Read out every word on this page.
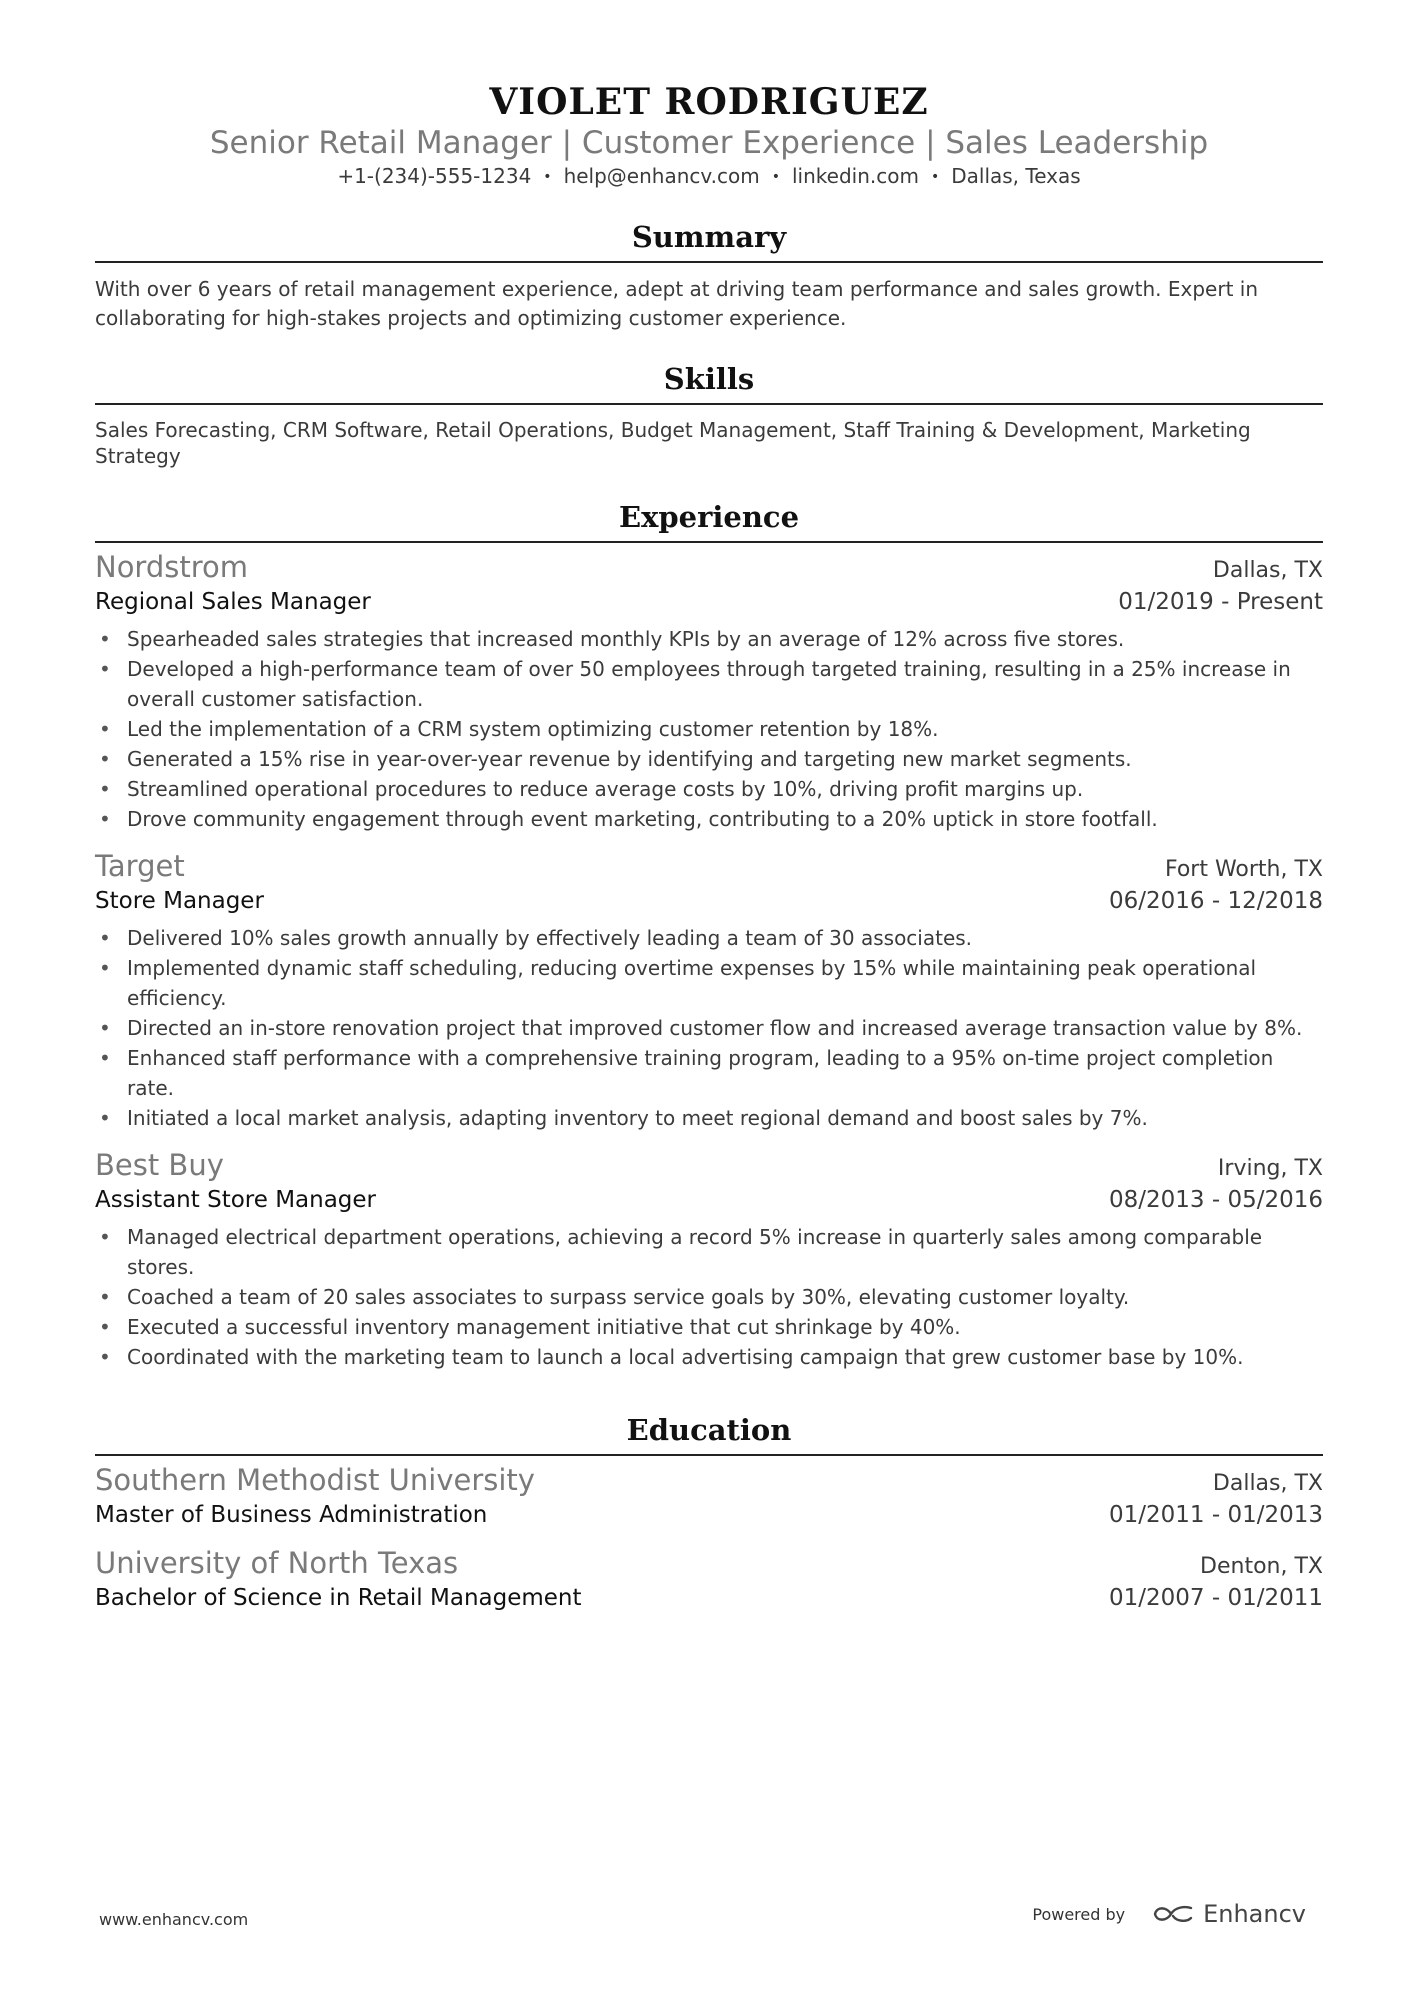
VIOLET RODRIGUEZ
Senior Retail Manager | Customer Experience | Sales Leadership
+1-(234)-555-1234 • help@enhancv.com • linkedin.com • Dallas, Texas
Summary
With over 6 years of retail management experience, adept at driving team performance and sales growth. Expert in collaborating for high-stakes projects and optimizing customer experience.
Skills
Sales Forecasting, CRM Software, Retail Operations, Budget Management, Staff Training & Development, Marketing Strategy
Experience
Nordstrom	Dallas, TX
Regional Sales Manager	01/2019 - Present
• Spearheaded sales strategies that increased monthly KPIs by an average of 12% across five stores.
• Developed a high-performance team of over 50 employees through targeted training, resulting in a 25% increase in overall customer satisfaction.
• Led the implementation of a CRM system optimizing customer retention by 18%.
• Generated a 15% rise in year-over-year revenue by identifying and targeting new market segments.
• Streamlined operational procedures to reduce average costs by 10%, driving profit margins up.
• Drove community engagement through event marketing, contributing to a 20% uptick in store footfall.
Target	Fort Worth, TX
Store Manager	06/2016 - 12/2018
• Delivered 10% sales growth annually by effectively leading a team of 30 associates.
• Implemented dynamic staff scheduling, reducing overtime expenses by 15% while maintaining peak operational efficiency.
• Directed an in-store renovation project that improved customer flow and increased average transaction value by 8%.
• Enhanced staff performance with a comprehensive training program, leading to a 95% on-time project completion rate.
• Initiated a local market analysis, adapting inventory to meet regional demand and boost sales by 7%.
Best Buy	Irving, TX
Assistant Store Manager	08/2013 - 05/2016
• Managed electrical department operations, achieving a record 5% increase in quarterly sales among comparable stores.
• Coached a team of 20 sales associates to surpass service goals by 30%, elevating customer loyalty.
• Executed a successful inventory management initiative that cut shrinkage by 40%.
• Coordinated with the marketing team to launch a local advertising campaign that grew customer base by 10%.
Education
Southern Methodist University	Dallas, TX
Master of Business Administration	01/2011 - 01/2013
University of North Texas	Denton, TX
Bachelor of Science in Retail Management	01/2007 - 01/2011
www.enhancv.com	Powered by	Enhancv
